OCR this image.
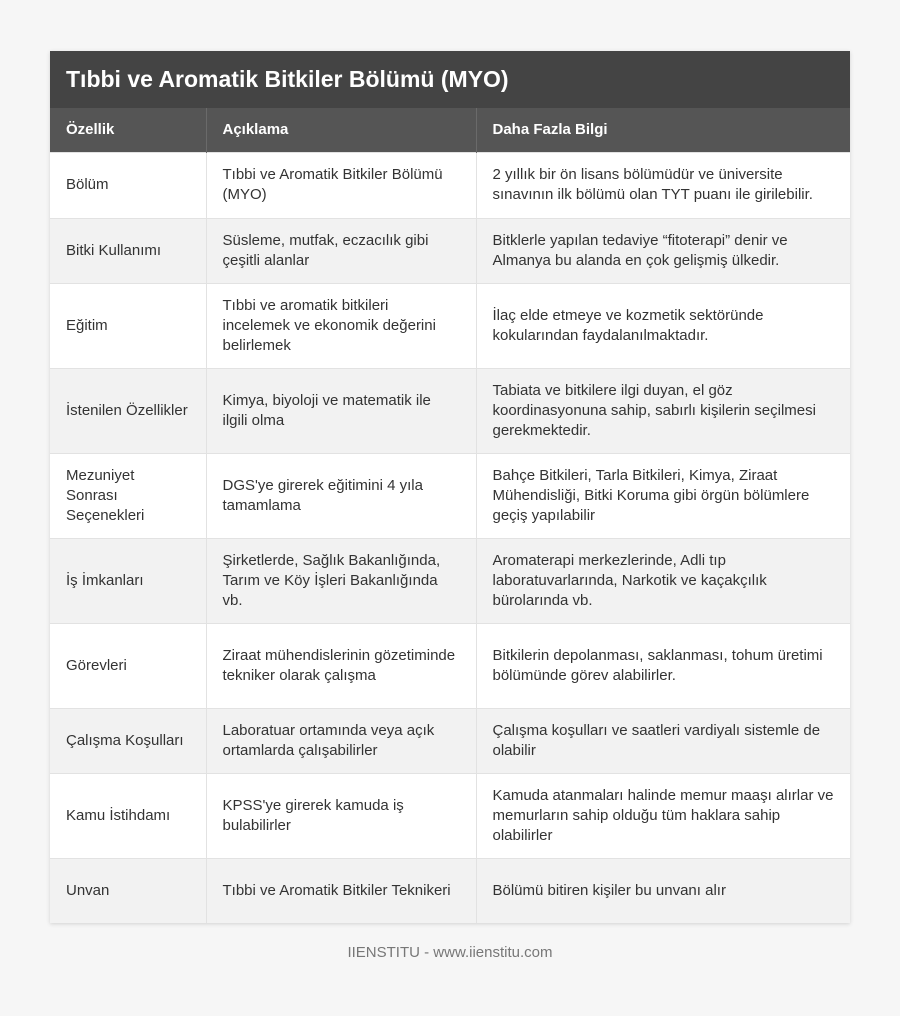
Tıbbi ve Aromatik Bitkiler Bölümü (MYO)
Özellik	Açıklama	Daha Fazla Bilgi
Bölüm	Tıbbi ve Aromatik Bitkiler Bölümü (MYO)	2 yıllık bir ön lisans bölümüdür ve üniversite sınavının ilk bölümü olan TYT puanı ile girilebilir.
Bitki Kullanımı	Süsleme, mutfak, eczacılık gibi çeşitli alanlar	Bitklerle yapılan tedaviye “fitoterapi” denir ve Almanya bu alanda en çok gelişmiş ülkedir.
Eğitim	Tıbbi ve aromatik bitkileri incelemek ve ekonomik değerini belirlemek	İlaç elde etmeye ve kozmetik sektöründe kokularından faydalanılmaktadır.
İstenilen Özellikler	Kimya, biyoloji ve matematik ile ilgili olma	Tabiata ve bitkilere ilgi duyan, el göz koordinasyonuna sahip, sabırlı kişilerin seçilmesi gerekmektedir.
Mezuniyet Sonrası Seçenekleri	DGS'ye girerek eğitimini 4 yıla tamamlama	Bahçe Bitkileri, Tarla Bitkileri, Kimya, Ziraat Mühendisliği, Bitki Koruma gibi örgün bölümlere geçiş yapılabilir
İş İmkanları	Şirketlerde, Sağlık Bakanlığında, Tarım ve Köy İşleri Bakanlığında vb.	Aromaterapi merkezlerinde, Adli tıp laboratuvarlarında, Narkotik ve kaçakçılık bürolarında vb.
Görevleri	Ziraat mühendislerinin gözetiminde tekniker olarak çalışma	Bitkilerin depolanması, saklanması, tohum üretimi bölümünde görev alabilirler.
Çalışma Koşulları	Laboratuar ortamında veya açık ortamlarda çalışabilirler	Çalışma koşulları ve saatleri vardiyalı sistemle de olabilir
Kamu İstihdamı	KPSS'ye girerek kamuda iş bulabilirler	Kamuda atanmaları halinde memur maaşı alırlar ve memurların sahip olduğu tüm haklara sahip olabilirler
Unvan	Tıbbi ve Aromatik Bitkiler Teknikeri	Bölümü bitiren kişiler bu unvanı alır
IIENSTITU - www.iienstitu.com
